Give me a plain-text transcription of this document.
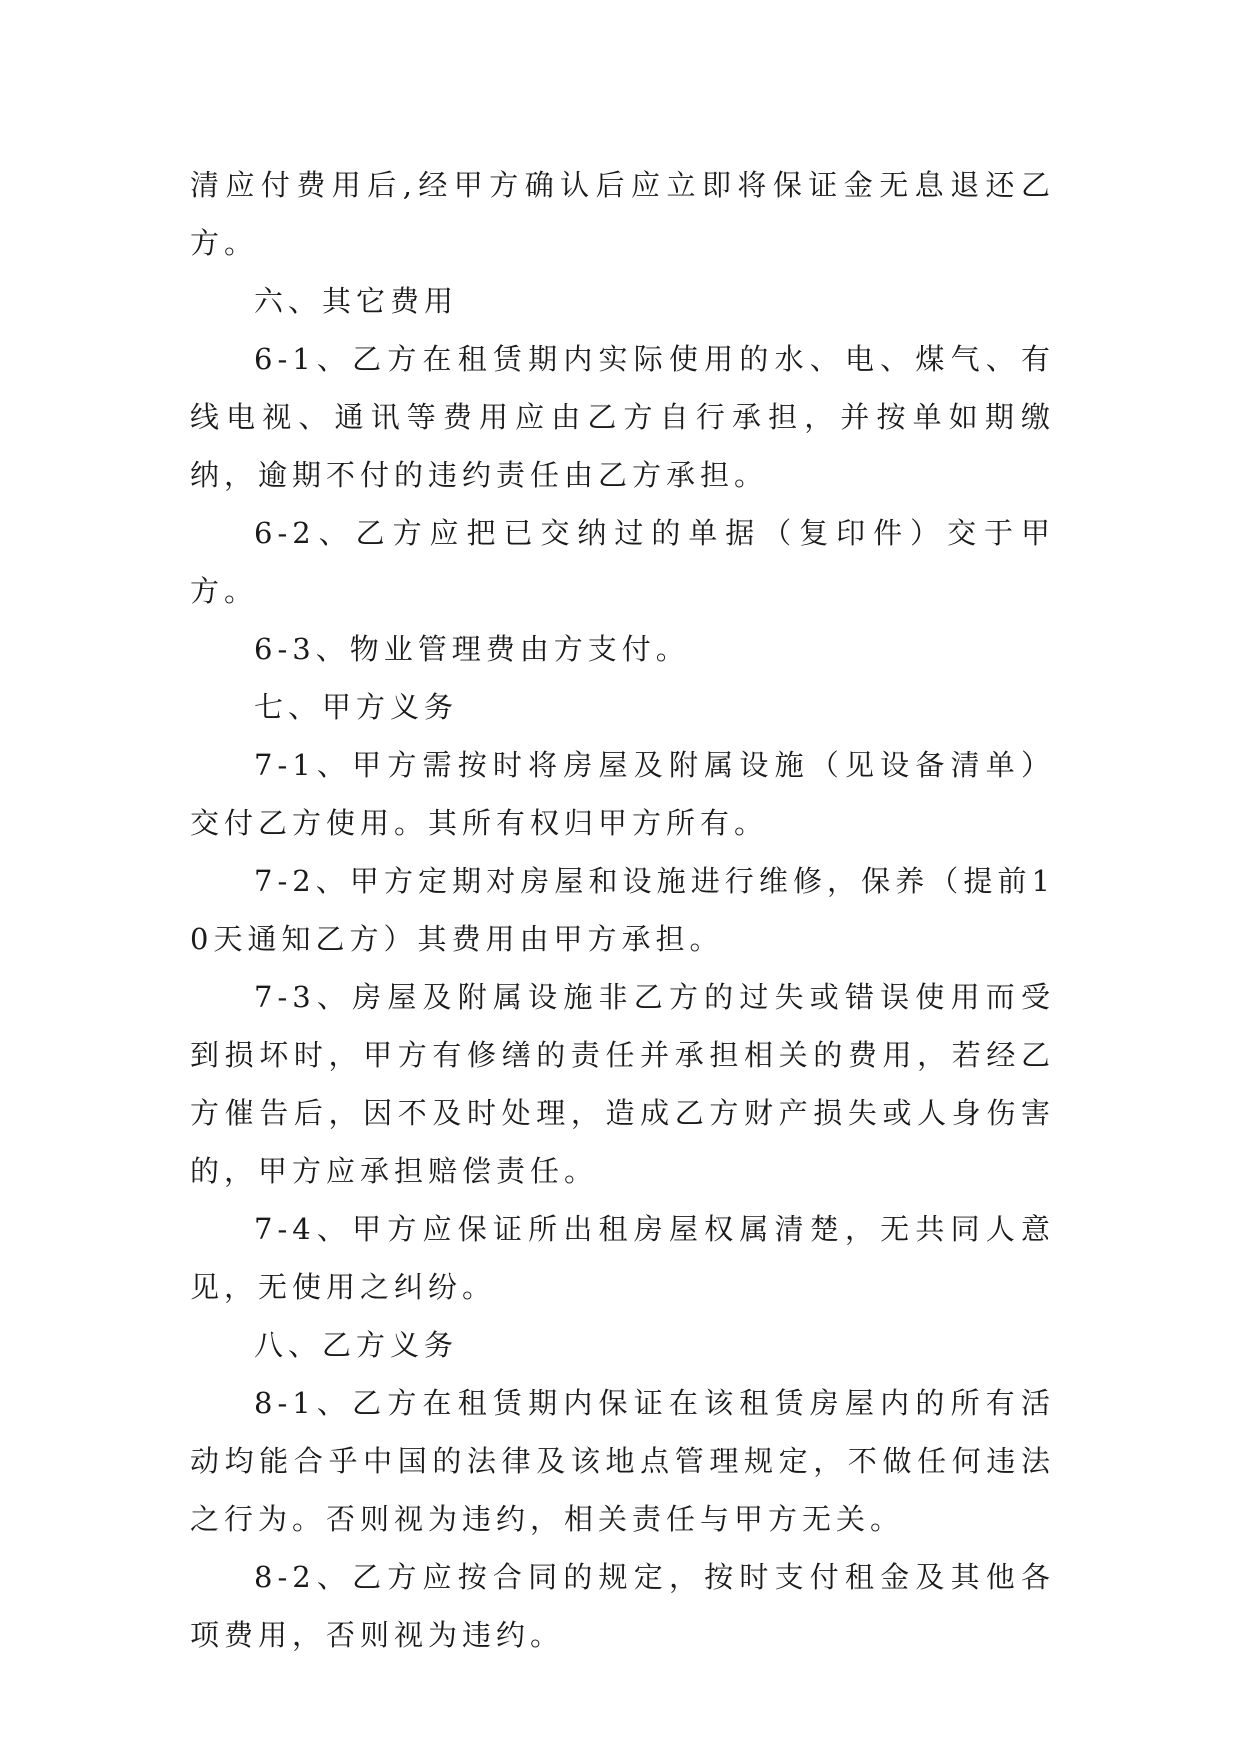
清应付费用后,经甲方确认后应立即将保证金无息退还乙方。

六、其它费用

6-1、乙方在租赁期内实际使用的水、电、煤气、有线电视、通讯等费用应由乙方自行承担，并按单如期缴纳，逾期不付的违约责任由乙方承担。

6-2、乙方应把已交纳过的单据（复印件）交于甲方。

6-3、物业管理费由方支付。

七、甲方义务

7-1、甲方需按时将房屋及附属设施（见设备清单）交付乙方使用。其所有权归甲方所有。

7-2、甲方定期对房屋和设施进行维修，保养（提前10天通知乙方）其费用由甲方承担。

7-3、房屋及附属设施非乙方的过失或错误使用而受到损坏时，甲方有修缮的责任并承担相关的费用，若经乙方催告后，因不及时处理，造成乙方财产损失或人身伤害的，甲方应承担赔偿责任。

7-4、甲方应保证所出租房屋权属清楚，无共同人意见，无使用之纠纷。

八、乙方义务

8-1、乙方在租赁期内保证在该租赁房屋内的所有活动均能合乎中国的法律及该地点管理规定，不做任何违法之行为。否则视为违约，相关责任与甲方无关。

8-2、乙方应按合同的规定，按时支付租金及其他各项费用，否则视为违约。
